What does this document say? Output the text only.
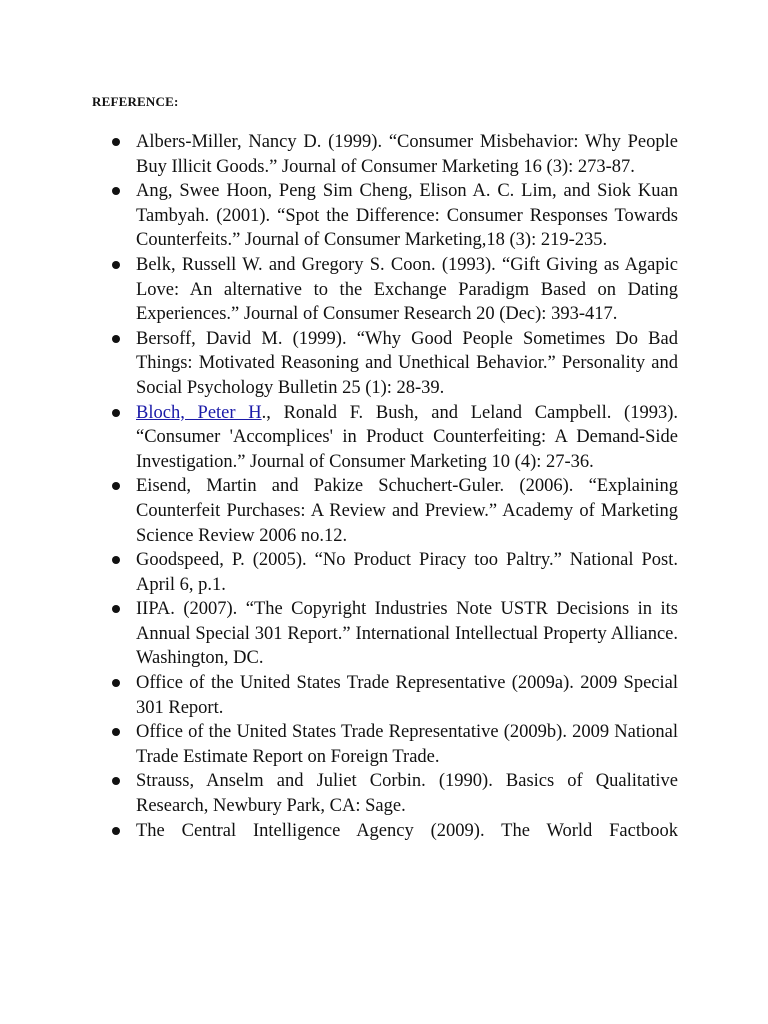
REFERENCE:
Albers-Miller, Nancy D. (1999). “Consumer Misbehavior: Why People Buy Illicit Goods.” Journal of Consumer Marketing 16 (3): 273-87.
Ang, Swee Hoon, Peng Sim Cheng, Elison A. C. Lim, and Siok Kuan Tambyah. (2001). “Spot the Difference: Consumer Responses Towards Counterfeits.” Journal of Consumer Marketing,18 (3): 219-235.
Belk, Russell W. and Gregory S. Coon. (1993). “Gift Giving as Agapic Love: An alternative to the Exchange Paradigm Based on Dating Experiences.” Journal of Consumer Research 20 (Dec): 393-417.
Bersoff, David M. (1999). “Why Good People Sometimes Do Bad Things: Motivated Reasoning and Unethical Behavior.” Personality and Social Psychology Bulletin 25 (1): 28-39.
Bloch, Peter H., Ronald F. Bush, and Leland Campbell. (1993). “Consumer 'Accomplices' in Product Counterfeiting: A Demand-Side Investigation.” Journal of Consumer Marketing 10 (4): 27-36.
Eisend, Martin and Pakize Schuchert-Guler. (2006). “Explaining Counterfeit Purchases: A Review and Preview.” Academy of Marketing Science Review 2006 no.12.
Goodspeed, P. (2005). “No Product Piracy too Paltry.” National Post. April 6, p.1.
IIPA. (2007). “The Copyright Industries Note USTR Decisions in its Annual Special 301 Report.” International Intellectual Property Alliance. Washington, DC.
Office of the United States Trade Representative (2009a). 2009 Special 301 Report.
Office of the United States Trade Representative (2009b). 2009 National Trade Estimate Report on Foreign Trade.
Strauss, Anselm and Juliet Corbin. (1990). Basics of Qualitative Research, Newbury Park, CA: Sage.
The Central Intelligence Agency (2009). The World Factbook
